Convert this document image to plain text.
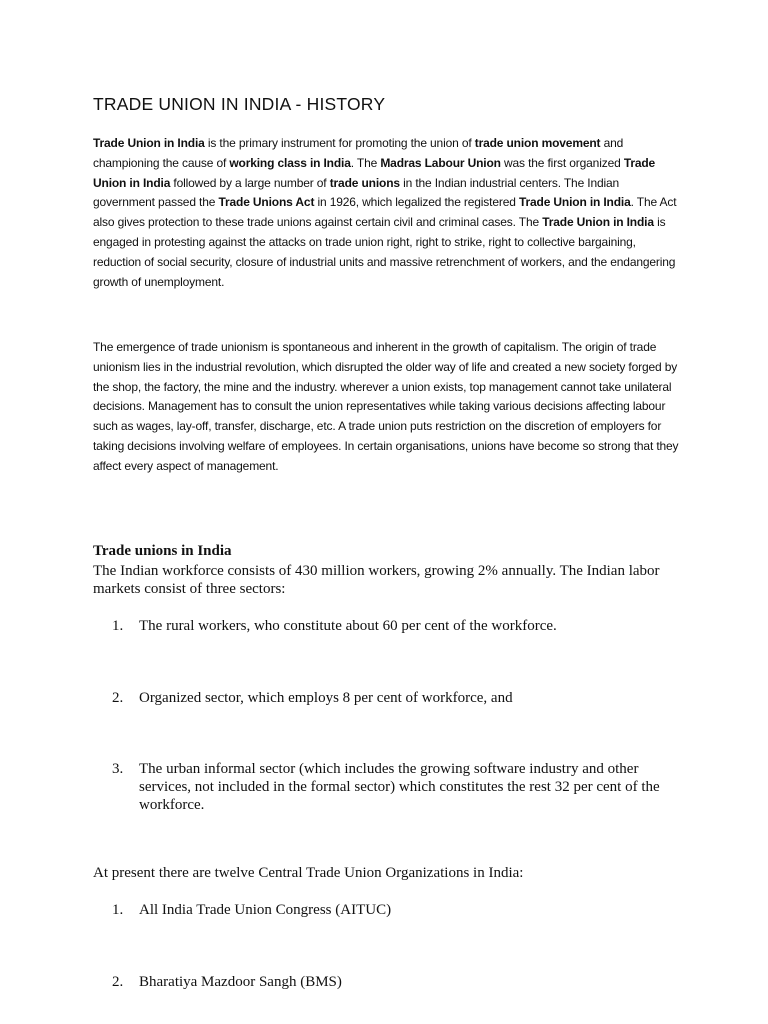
TRADE UNION IN INDIA - HISTORY

Trade Union in India is the primary instrument for promoting the union of trade union movement and championing the cause of working class in India. The Madras Labour Union was the first organized Trade Union in India followed by a large number of trade unions in the Indian industrial centers. The Indian government passed the Trade Unions Act in 1926, which legalized the registered Trade Union in India. The Act also gives protection to these trade unions against certain civil and criminal cases. The Trade Union in India is engaged in protesting against the attacks on trade union right, right to strike, right to collective bargaining, reduction of social security, closure of industrial units and massive retrenchment of workers, and the endangering growth of unemployment.

The emergence of trade unionism is spontaneous and inherent in the growth of capitalism. The origin of trade unionism lies in the industrial revolution, which disrupted the older way of life and created a new society forged by the shop, the factory, the mine and the industry. wherever a union exists, top management cannot take unilateral decisions. Management has to consult the union representatives while taking various decisions affecting labour such as wages, lay-off, transfer, discharge, etc. A trade union puts restriction on the discretion of employers for taking decisions involving welfare of employees. In certain organisations, unions have become so strong that they affect every aspect of management.

Trade unions in India

The Indian workforce consists of 430 million workers, growing 2% annually. The Indian labor markets consist of three sectors:

1. The rural workers, who constitute about 60 per cent of the workforce.
2. Organized sector, which employs 8 per cent of workforce, and
3. The urban informal sector (which includes the growing software industry and other services, not included in the formal sector) which constitutes the rest 32 per cent of the workforce.

At present there are twelve Central Trade Union Organizations in India:

1. All India Trade Union Congress (AITUC)
2. Bharatiya Mazdoor Sangh (BMS)
